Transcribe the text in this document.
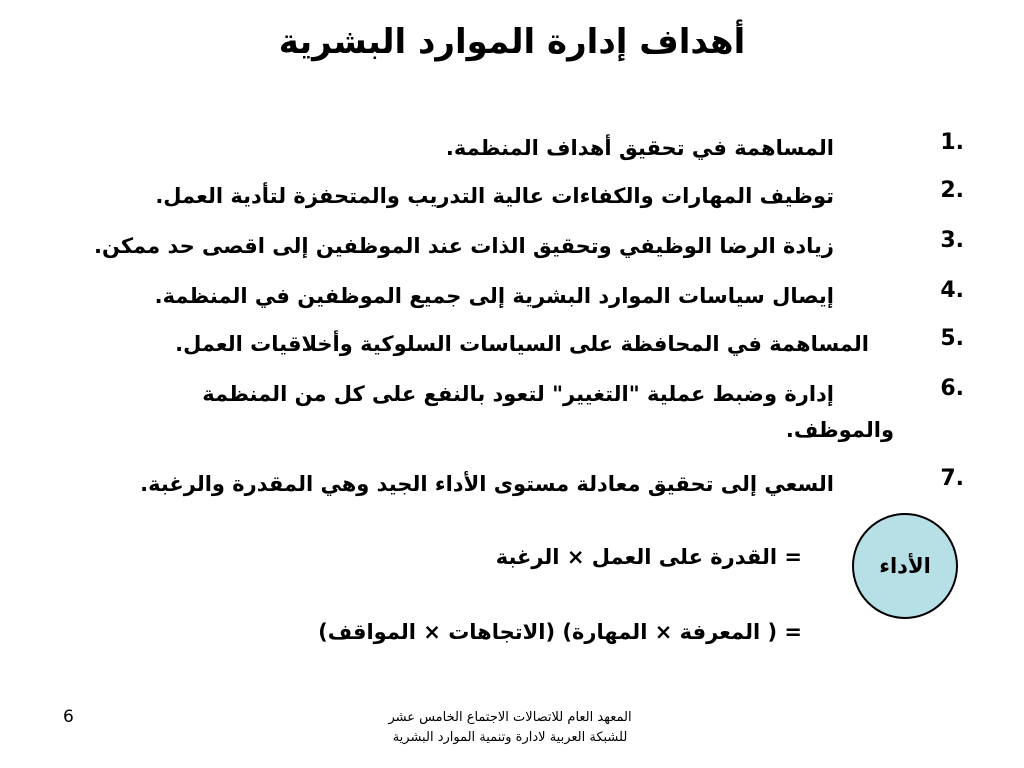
أهداف إدارة الموارد البشرية
.1
المساهمة في تحقيق أهداف المنظمة.
.2
توظيف المهارات والكفاءات عالية التدريب والمتحفزة لتأدية العمل.
.3
زيادة الرضا الوظيفي وتحقيق الذات عند الموظفين إلى اقصى حد ممكن.
.4
إيصال سياسات الموارد البشرية إلى جميع الموظفين في المنظمة.
.5
المساهمة في المحافظة على السياسات السلوكية وأخلاقيات العمل.
.6
إدارة وضبط عملية "التغيير" لتعود بالنفع على كل من المنظمة
والموظف.
.7
السعي إلى تحقيق معادلة مستوى الأداء الجيد وهي المقدرة والرغبة.
الأداء
= القدرة على العمل × الرغبة
= ( المعرفة × المهارة) (الاتجاهات × المواقف)
المعهد العام للاتصالات الاجتماع الخامس عشر
للشبكة العربية لادارة وتنمية الموارد البشرية
6
